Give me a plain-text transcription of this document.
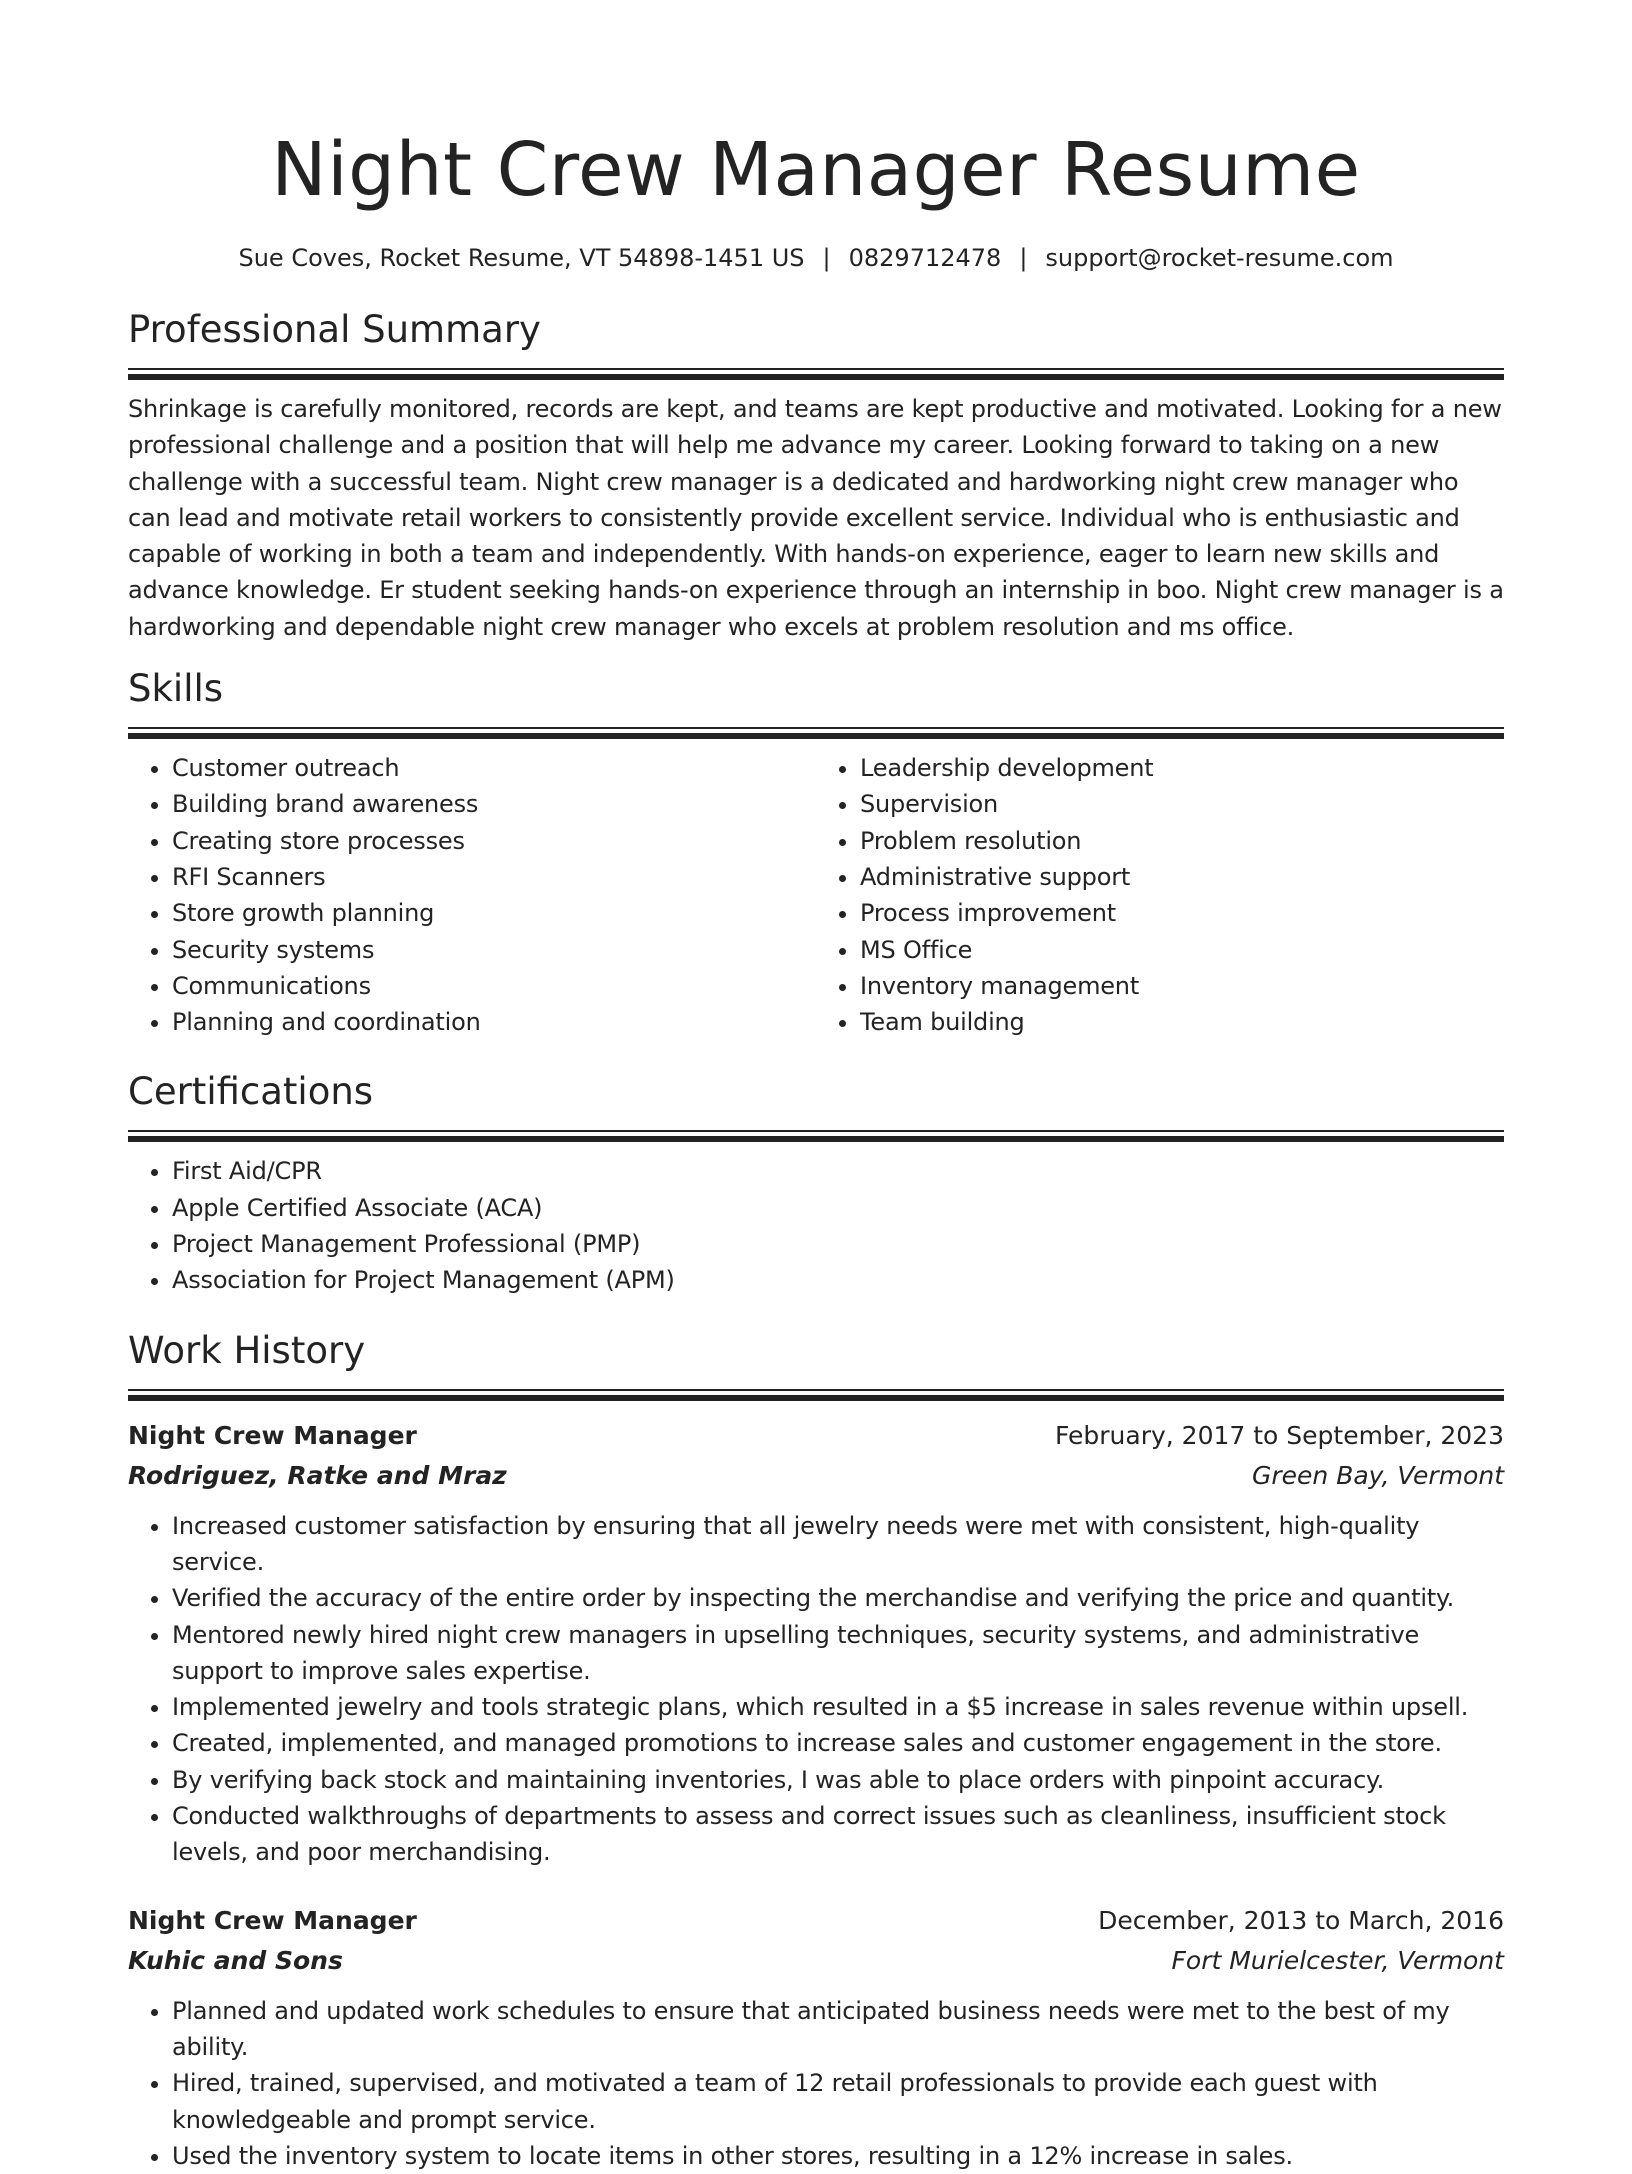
Night Crew Manager Resume
Sue Coves, Rocket Resume, VT 54898-1451 US | 0829712478 | support@rocket-resume.com
Professional Summary
Shrinkage is carefully monitored, records are kept, and teams are kept productive and motivated. Looking for a new professional challenge and a position that will help me advance my career. Looking forward to taking on a new challenge with a successful team. Night crew manager is a dedicated and hardworking night crew manager who can lead and motivate retail workers to consistently provide excellent service. Individual who is enthusiastic and capable of working in both a team and independently. With hands-on experience, eager to learn new skills and advance knowledge. Er student seeking hands-on experience through an internship in boo. Night crew manager is a hardworking and dependable night crew manager who excels at problem resolution and ms office.
Skills
• Customer outreach
• Building brand awareness
• Creating store processes
• RFI Scanners
• Store growth planning
• Security systems
• Communications
• Planning and coordination
• Leadership development
• Supervision
• Problem resolution
• Administrative support
• Process improvement
• MS Office
• Inventory management
• Team building
Certifications
• First Aid/CPR
• Apple Certified Associate (ACA)
• Project Management Professional (PMP)
• Association for Project Management (APM)
Work History
Night Crew Manager	February, 2017 to September, 2023
Rodriguez, Ratke and Mraz	Green Bay, Vermont
• Increased customer satisfaction by ensuring that all jewelry needs were met with consistent, high-quality service.
• Verified the accuracy of the entire order by inspecting the merchandise and verifying the price and quantity.
• Mentored newly hired night crew managers in upselling techniques, security systems, and administrative support to improve sales expertise.
• Implemented jewelry and tools strategic plans, which resulted in a $5 increase in sales revenue within upsell.
• Created, implemented, and managed promotions to increase sales and customer engagement in the store.
• By verifying back stock and maintaining inventories, I was able to place orders with pinpoint accuracy.
• Conducted walkthroughs of departments to assess and correct issues such as cleanliness, insufficient stock levels, and poor merchandising.
Night Crew Manager	December, 2013 to March, 2016
Kuhic and Sons	Fort Murielcester, Vermont
• Planned and updated work schedules to ensure that anticipated business needs were met to the best of my ability.
• Hired, trained, supervised, and motivated a team of 12 retail professionals to provide each guest with knowledgeable and prompt service.
• Used the inventory system to locate items in other stores, resulting in a 12% increase in sales.
